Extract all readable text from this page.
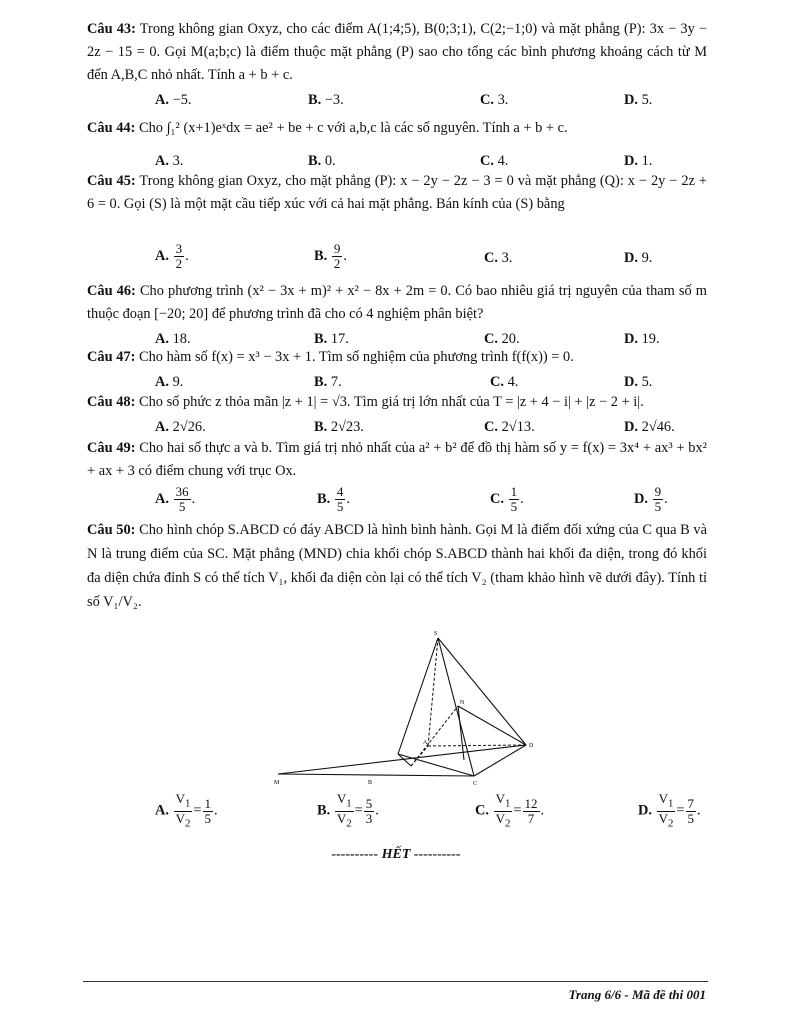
Câu 43: Trong không gian Oxyz, cho các điểm A(1;4;5), B(0;3;1), C(2;−1;0) và mặt phẳng (P): 3x − 3y − 2z − 15 = 0. Gọi M(a;b;c) là điểm thuộc mặt phẳng (P) sao cho tổng các bình phương khoảng cách từ M đến A,B,C nhỏ nhất. Tính a + b + c.
A. −5.	B. −3.	C. 3.	D. 5.
Câu 44: Cho ∫₁² (x+1)eˣdx = ae² + be + c với a,b,c là các số nguyên. Tính a + b + c.
A. 3.	B. 0.	C. 4.	D. 1.
Câu 45: Trong không gian Oxyz, cho mặt phẳng (P): x − 2y − 2z − 3 = 0 và mặt phẳng (Q): x − 2y − 2z + 6 = 0. Gọi (S) là một mặt cầu tiếp xúc với cả hai mặt phẳng. Bán kính của (S) bằng
A. $\frac{3}{2}$ .	B. $\frac{9}{2}$ .	C. 3.	D. 9.
Câu 46: Cho phương trình (x² − 3x + m)² + x² − 8x + 2m = 0. Có bao nhiêu giá trị nguyên của tham số m thuộc đoạn [−20; 20] để phương trình đã cho có 4 nghiệm phân biệt?
A. 18.	B. 17.	C. 20.	D. 19.
Câu 47: Cho hàm số f(x) = x³ − 3x + 1. Tìm số nghiệm của phương trình f(f(x)) = 0.
A. 9.	B. 7.	C. 4.	D. 5.
Câu 48: Cho số phức z thỏa mãn |z + 1| = √3. Tìm giá trị lớn nhất của T = |z + 4 − i| + |z − 2 + i|.
A. 2√26.	B. 2√23.	C. 2√13.	D. 2√46.
Câu 49: Cho hai số thực a và b. Tìm giá trị nhỏ nhất của a² + b² để đồ thị hàm số y = f(x) = 3x⁴ + ax³ + bx² + ax + 3 có điểm chung với trục Ox.
A. $\frac{36}{5}$ .	B. $\frac{4}{5}$ .	C. $\frac{1}{5}$ .	D. $\frac{9}{5}$ .
Câu 50: Cho hình chóp S.ABCD có đáy ABCD là hình bình hành. Gọi M là điểm đối xứng của C qua B và N là trung điểm của SC. Mặt phẳng (MND) chia khối chóp S.ABCD thành hai khối đa diện, trong đó khối đa diện chứa đỉnh S có thể tích V₁, khối đa diện còn lại có thể tích V₂ (tham khảo hình vẽ dưới đây). Tính tỉ số V₁/V₂.
S
N
D
A
M	B	C
A. $\frac{V_1}{V_2} = \frac{1}{5}$ .	B. $\frac{V_1}{V_2} = \frac{5}{3}$ .	C. $\frac{V_1}{V_2} = \frac{12}{7}$ .	D. $\frac{V_1}{V_2} = \frac{7}{5}$ .
---------- HẾT ----------
Trang 6/6 - Mã đề thi 001
